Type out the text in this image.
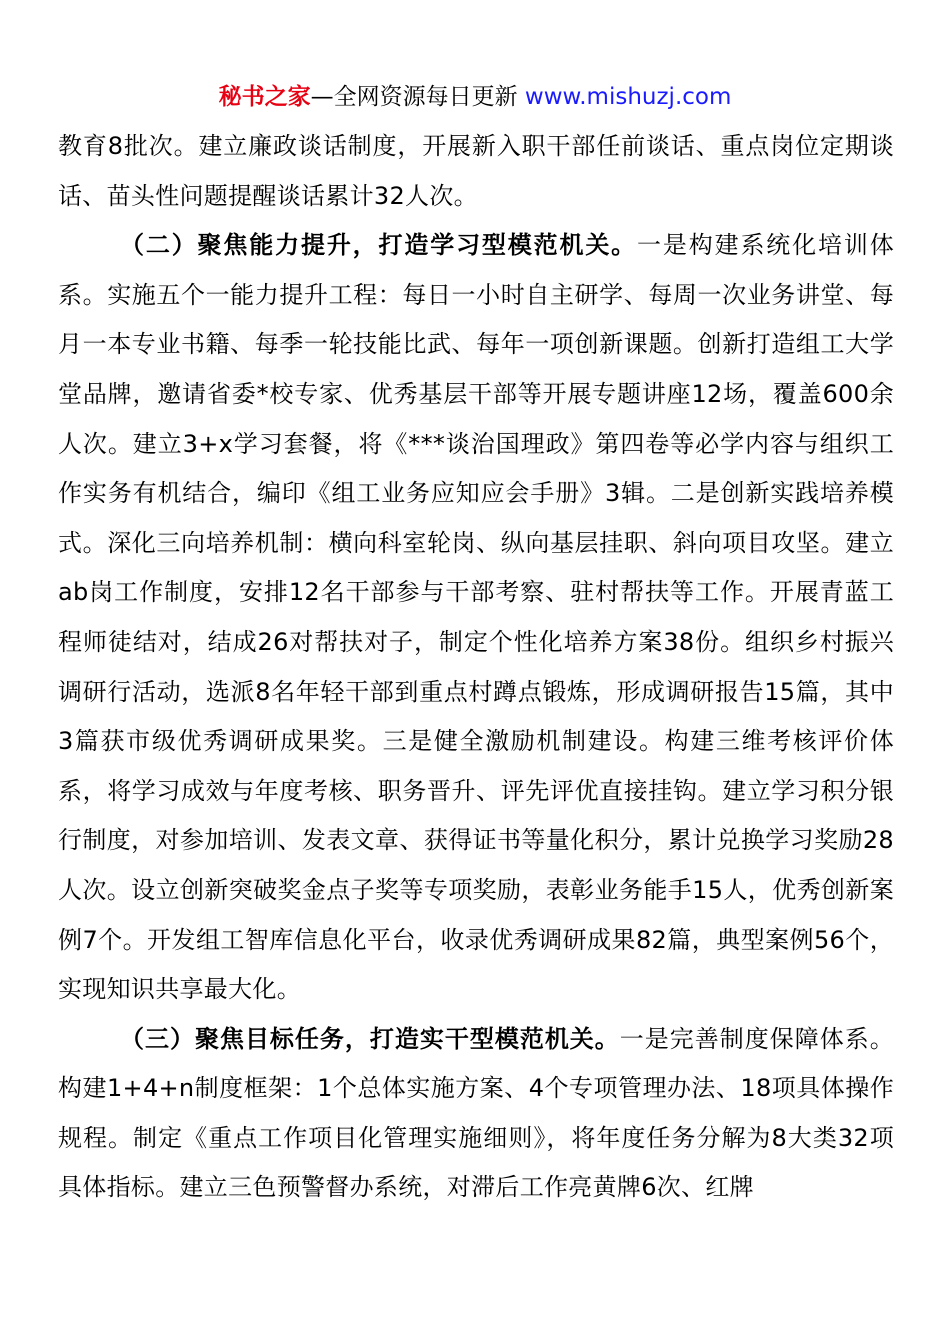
秘书之家—全网资源每日更新 www.mishuzj.com

教育8批次。建立廉政谈话制度，开展新入职干部任前谈话、重点岗位定期谈话、苗头性问题提醒谈话累计32人次。

（二）聚焦能力提升，打造学习型模范机关。一是构建系统化培训体系。实施五个一能力提升工程：每日一小时自主研学、每周一次业务讲堂、每月一本专业书籍、每季一轮技能比武、每年一项创新课题。创新打造组工大学堂品牌，邀请省委*校专家、优秀基层干部等开展专题讲座12场，覆盖600余人次。建立3+x学习套餐，将《***谈治国理政》第四卷等必学内容与组织工作实务有机结合，编印《组工业务应知应会手册》3辑。二是创新实践培养模式。深化三向培养机制：横向科室轮岗、纵向基层挂职、斜向项目攻坚。建立ab岗工作制度，安排12名干部参与干部考察、驻村帮扶等工作。开展青蓝工程师徒结对，结成26对帮扶对子，制定个性化培养方案38份。组织乡村振兴调研行活动，选派8名年轻干部到重点村蹲点锻炼，形成调研报告15篇，其中3篇获市级优秀调研成果奖。三是健全激励机制建设。构建三维考核评价体系，将学习成效与年度考核、职务晋升、评先评优直接挂钩。建立学习积分银行制度，对参加培训、发表文章、获得证书等量化积分，累计兑换学习奖励28人次。设立创新突破奖金点子奖等专项奖励，表彰业务能手15人，优秀创新案例7个。开发组工智库信息化平台，收录优秀调研成果82篇，典型案例56个，实现知识共享最大化。

（三）聚焦目标任务，打造实干型模范机关。一是完善制度保障体系。构建1+4+n制度框架：1个总体实施方案、4个专项管理办法、18项具体操作规程。制定《重点工作项目化管理实施细则》，将年度任务分解为8大类32项具体指标。建立三色预警督办系统，对滞后工作亮黄牌6次、红牌
